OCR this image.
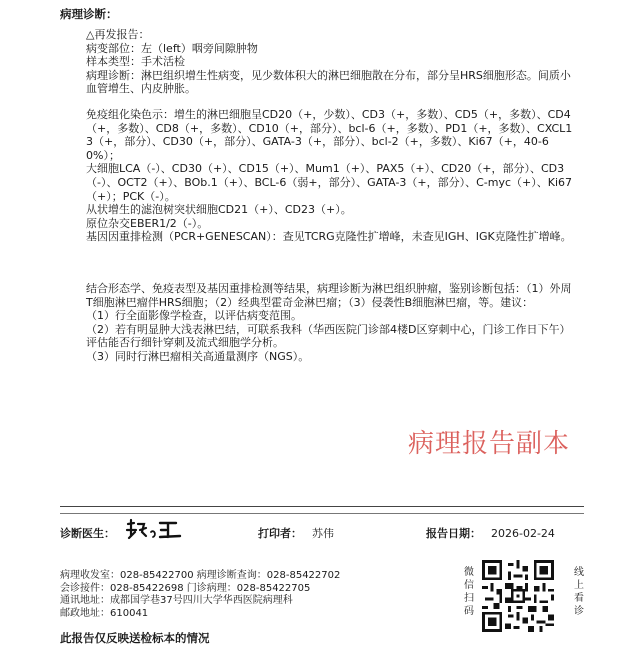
病理诊断：

△再发报告：

病变部位：左（left）咽旁间隙肿物

样本类型：手术活检

病理诊断：淋巴组织增生性病变，见少数体积大的淋巴细胞散在分布，部分呈HRS细胞形态。间质小血管增生、内皮肿胀。

免疫组化染色示：增生的淋巴细胞呈CD20（+，少数）、CD3（+，多数）、CD5（+，多数）、CD4（+，多数）、CD8（+，多数）、CD10（+，部分）、bcl-6（+，多数）、PD1（+，多数）、CXCL13（+，部分）、CD30（+，部分）、GATA-3（+，部分）、bcl-2（+，多数）、Ki67（+，40-60%）；

大细胞LCA（-）、CD30（+）、CD15（+）、Mum1（+）、PAX5（+）、CD20（+，部分）、CD3（-）、OCT2（+）、BOb.1（+）、BCL-6（弱+，部分）、GATA-3（+，部分）、C-myc（+）、Ki67（+）；PCK（-）。

从状增生的滤泡树突状细胞CD21（+）、CD23（+）。

原位杂交EBER1/2（-）。

基因因重排检测（PCR+GENESCAN）：查见TCRG克隆性扩增峰，未查见IGH、IGK克隆性扩增峰。

结合形态学、免疫表型及基因重排检测等结果，病理诊断为淋巴组织肿瘤，鉴别诊断包括：（1）外周T细胞淋巴瘤伴HRS细胞；（2）经典型霍奇金淋巴瘤；（3）侵袭性B细胞淋巴瘤，等。建议：

（1）行全面影像学检查，以评估病变范围。

（2）若有明显肿大浅表淋巴结，可联系我科（华西医院门诊部4楼D区穿刺中心，门诊工作日下午）评估能否行细针穿刺及流式细胞学分析。

（3）同时行淋巴瘤相关高通量测序（NGS）。

病理报告副本
诊断医生：	打印者： 苏伟	报告日期： 2026-02-24

病理收发室：028-85422700 病理诊断查询：028-85422702

会诊接件：028-85422698 门诊病理：028-85422705

通讯地址：成都国学巷37号四川大学华西医院病理科

邮政地址：610041

微信扫码
线上看诊
此报告仅反映送检标本的情况
